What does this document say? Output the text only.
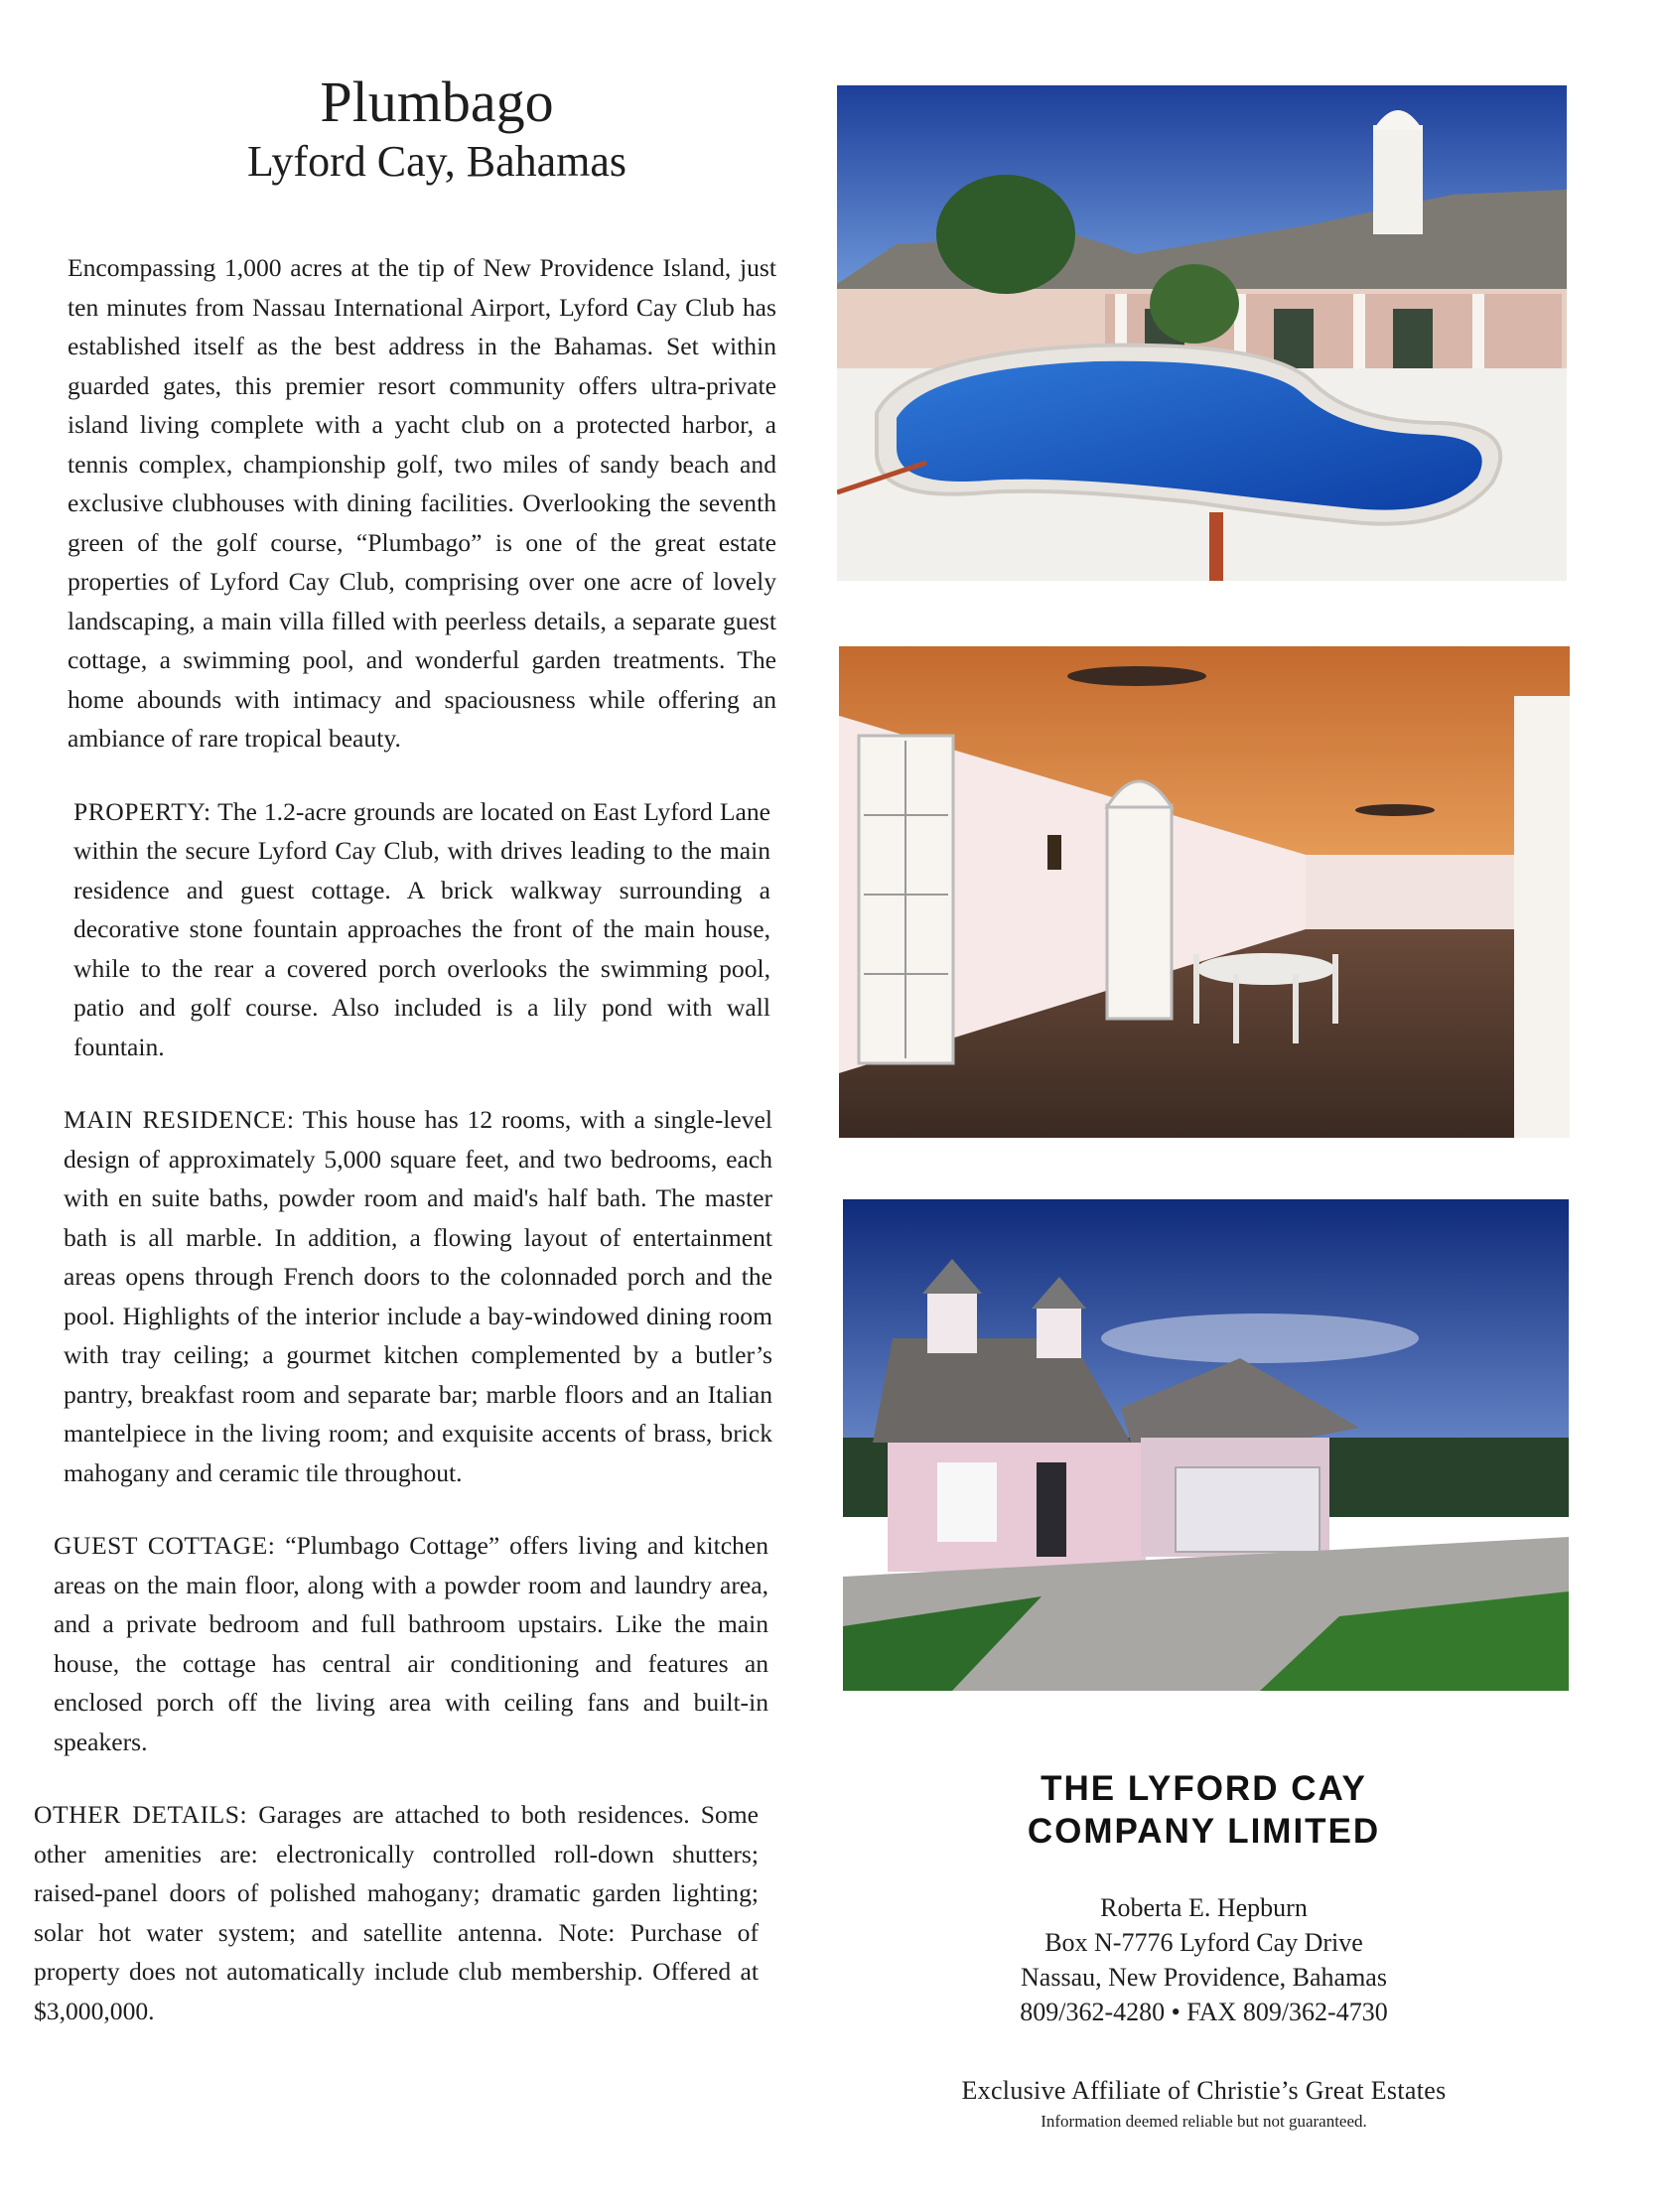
Plumbago
Lyford Cay, Bahamas

Encompassing 1,000 acres at the tip of New Providence Island, just ten minutes from Nassau International Airport, Lyford Cay Club has established itself as the best address in the Bahamas. Set within guarded gates, this premier resort community offers ultra-private island living complete with a yacht club on a protected harbor, a tennis complex, championship golf, two miles of sandy beach and exclusive clubhouses with dining facilities. Overlooking the seventh green of the golf course, “Plumbago” is one of the great estate properties of Lyford Cay Club, comprising over one acre of lovely landscaping, a main villa filled with peerless details, a separate guest cottage, a swimming pool, and wonderful garden treatments. The home abounds with intimacy and spaciousness while offering an ambiance of rare tropical beauty.

PROPERTY: The 1.2-acre grounds are located on East Lyford Lane within the secure Lyford Cay Club, with drives leading to the main residence and guest cottage. A brick walkway surrounding a decorative stone fountain approaches the front of the main house, while to the rear a covered porch overlooks the swimming pool, patio and golf course. Also included is a lily pond with wall fountain.

MAIN RESIDENCE: This house has 12 rooms, with a single-level design of approximately 5,000 square feet, and two bedrooms, each with en suite baths, powder room and maid's half bath. The master bath is all marble. In addition, a flowing layout of entertainment areas opens through French doors to the colonnaded porch and the pool. Highlights of the interior include a bay-windowed dining room with tray ceiling; a gourmet kitchen complemented by a butler’s pantry, breakfast room and separate bar; marble floors and an Italian mantelpiece in the living room; and exquisite accents of brass, brick mahogany and ceramic tile throughout.

GUEST COTTAGE: “Plumbago Cottage” offers living and kitchen areas on the main floor, along with a powder room and laundry area, and a private bedroom and full bathroom upstairs. Like the main house, the cottage has central air conditioning and features an enclosed porch off the living area with ceiling fans and built-in speakers.

OTHER DETAILS: Garages are attached to both residences. Some other amenities are: electronically controlled roll-down shutters; raised-panel doors of polished mahogany; dramatic garden lighting; solar hot water system; and satellite antenna. Note: Purchase of property does not automatically include club membership. Offered at $3,000,000.

THE LYFORD CAY
COMPANY LIMITED
Roberta E. Hepburn
Box N-7776 Lyford Cay Drive
Nassau, New Providence, Bahamas
809/362-4280 • FAX 809/362-4730
Exclusive Affiliate of Christie’s Great Estates
Information deemed reliable but not guaranteed.
